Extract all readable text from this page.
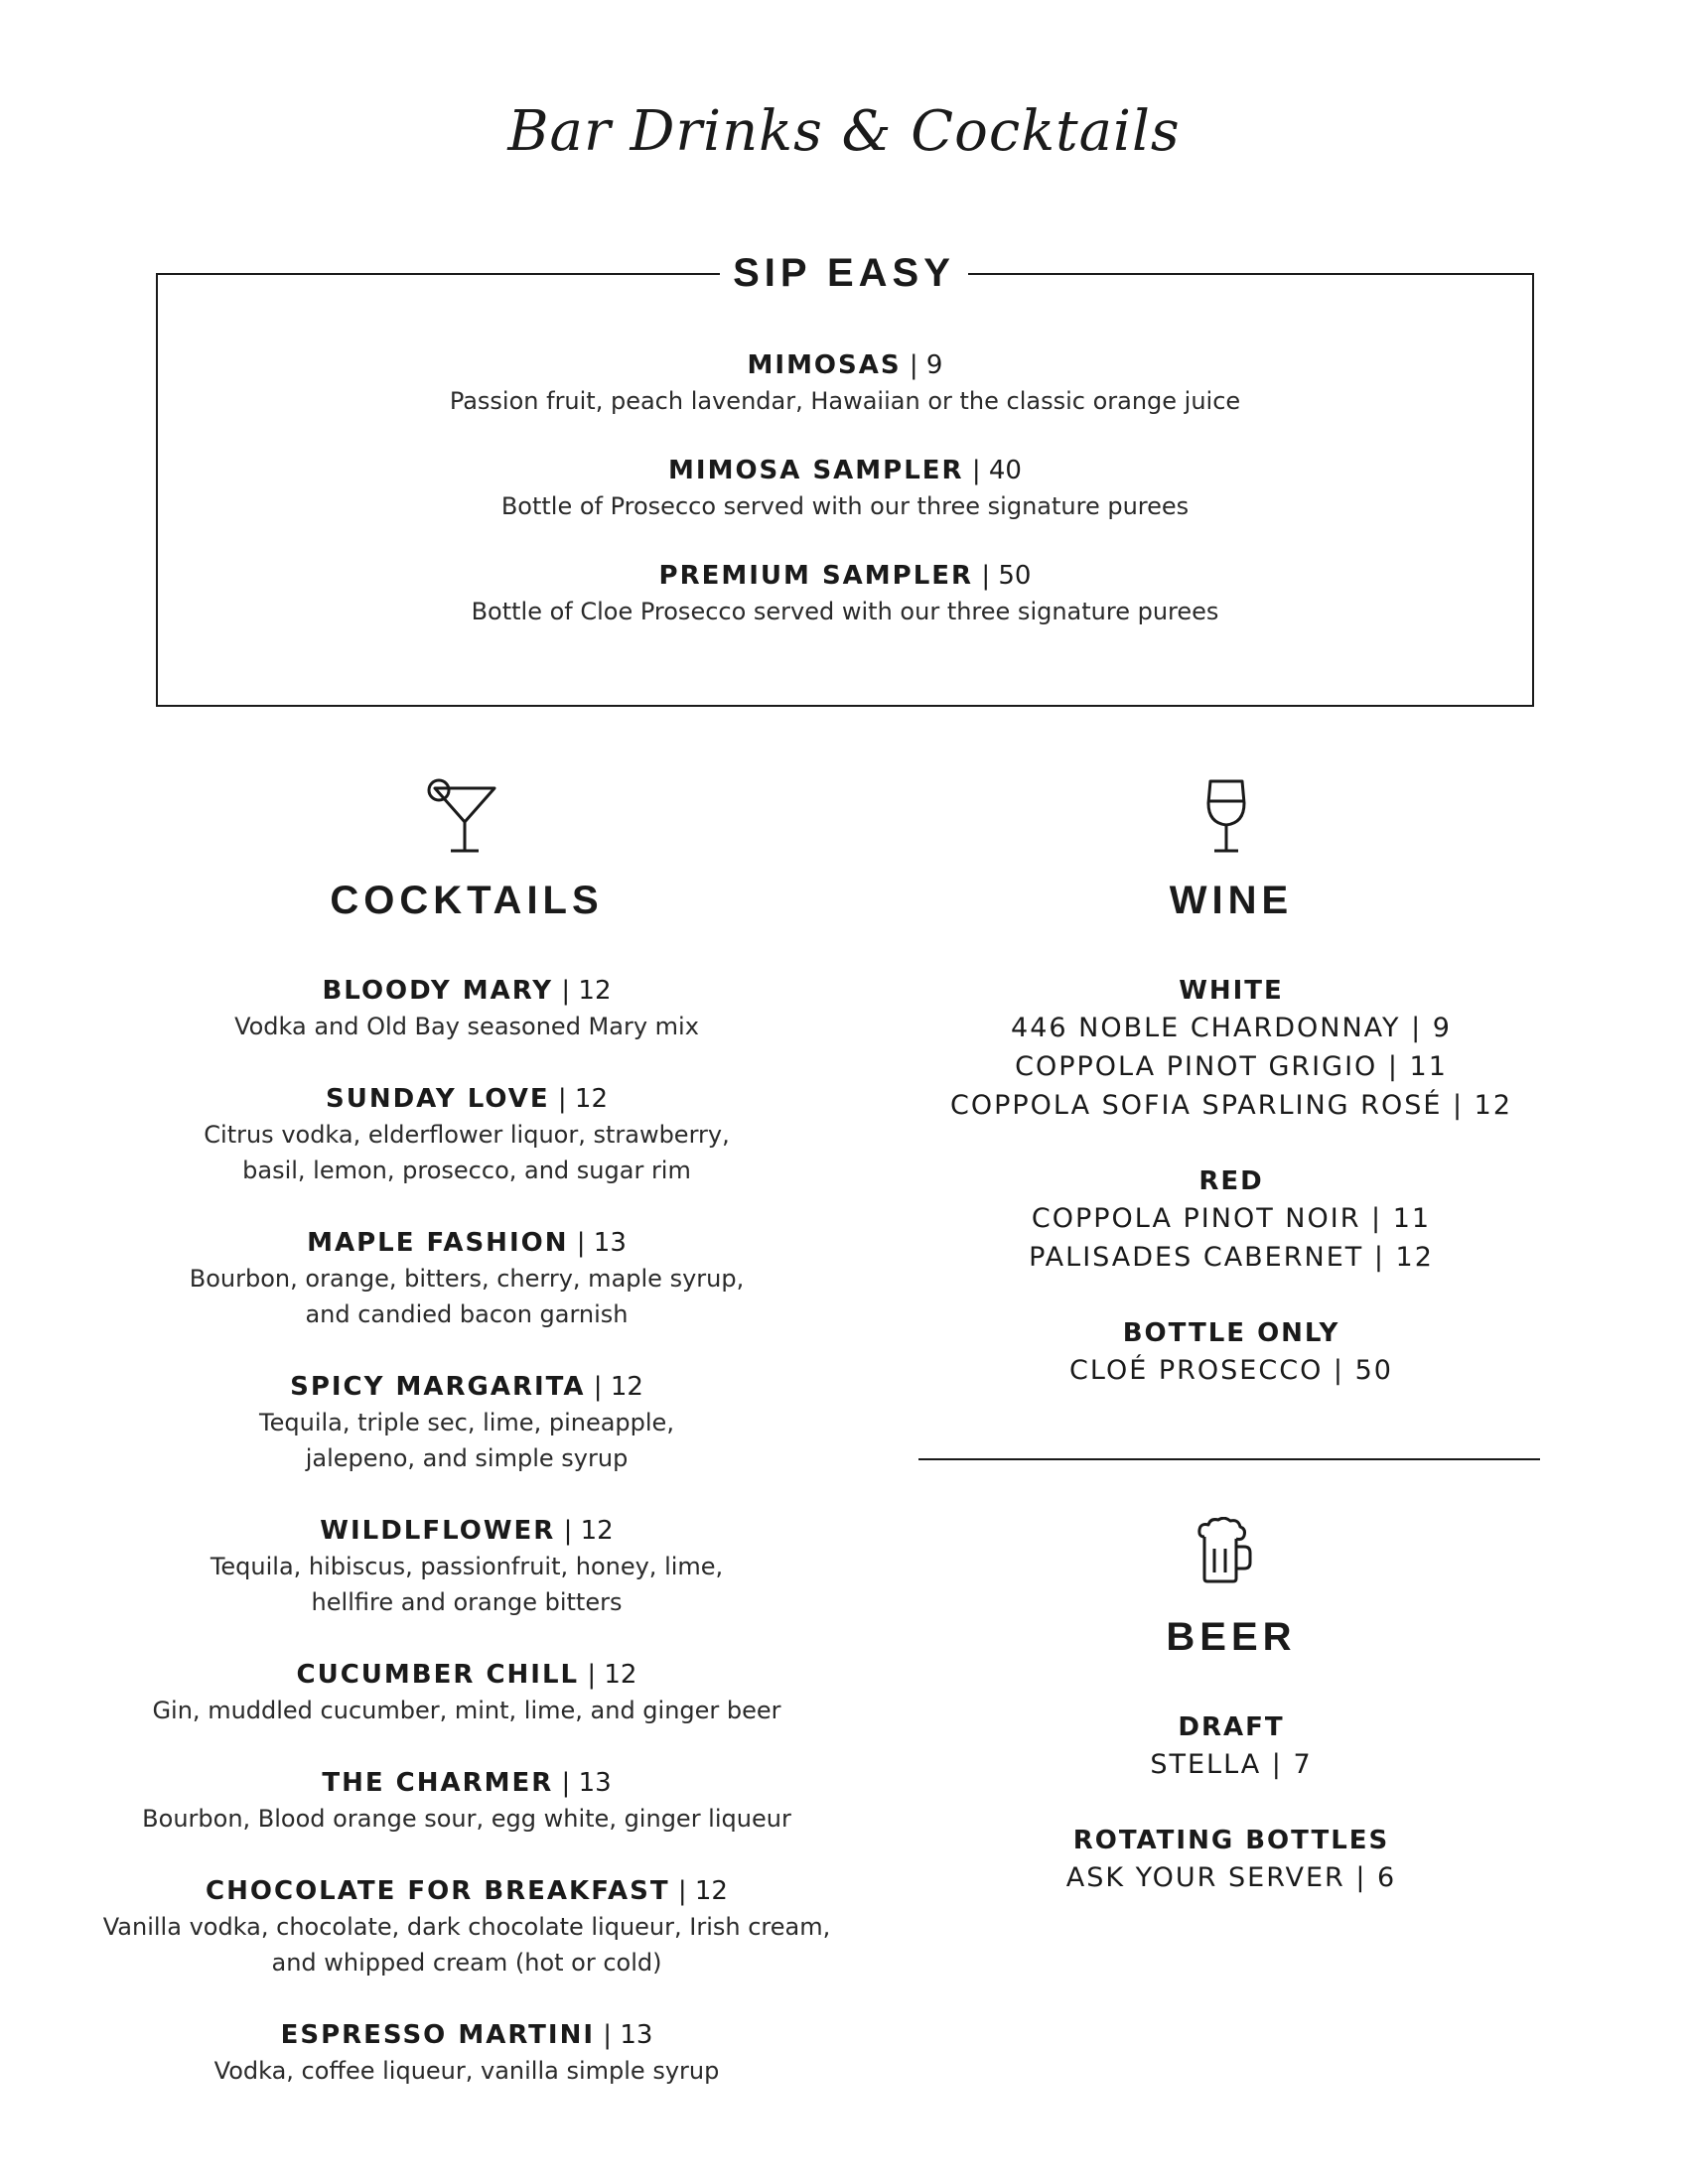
Bar Drinks & Cocktails
SIP EASY
MIMOSAS | 9
Passion fruit, peach lavendar, Hawaiian or the classic orange juice
MIMOSA SAMPLER | 40
Bottle of Prosecco served with our three signature purees
PREMIUM SAMPLER | 50
Bottle of Cloe Prosecco served with our three signature purees
COCKTAILS
BLOODY MARY | 12
Vodka and Old Bay seasoned Mary mix
SUNDAY LOVE | 12
Citrus vodka, elderflower liquor, strawberry,
basil, lemon, prosecco, and sugar rim
MAPLE FASHION | 13
Bourbon, orange, bitters, cherry, maple syrup,
and candied bacon garnish
SPICY MARGARITA | 12
Tequila, triple sec, lime, pineapple,
jalepeno, and simple syrup
WILDLFLOWER | 12
Tequila, hibiscus, passionfruit, honey, lime,
hellfire and orange bitters
CUCUMBER CHILL | 12
Gin, muddled cucumber, mint, lime, and ginger beer
THE CHARMER | 13
Bourbon, Blood orange sour, egg white, ginger liqueur
CHOCOLATE FOR BREAKFAST | 12
Vanilla vodka, chocolate, dark chocolate liqueur, Irish cream,
and whipped cream (hot or cold)
ESPRESSO MARTINI | 13
Vodka, coffee liqueur, vanilla simple syrup
WINE
WHITE
446 NOBLE CHARDONNAY | 9
COPPOLA PINOT GRIGIO | 11
COPPOLA SOFIA SPARLING ROSÉ | 12
RED
COPPOLA PINOT NOIR | 11
PALISADES CABERNET | 12
BOTTLE ONLY
CLOÉ PROSECCO | 50
BEER
DRAFT
STELLA | 7
ROTATING BOTTLES
ASK YOUR SERVER | 6
